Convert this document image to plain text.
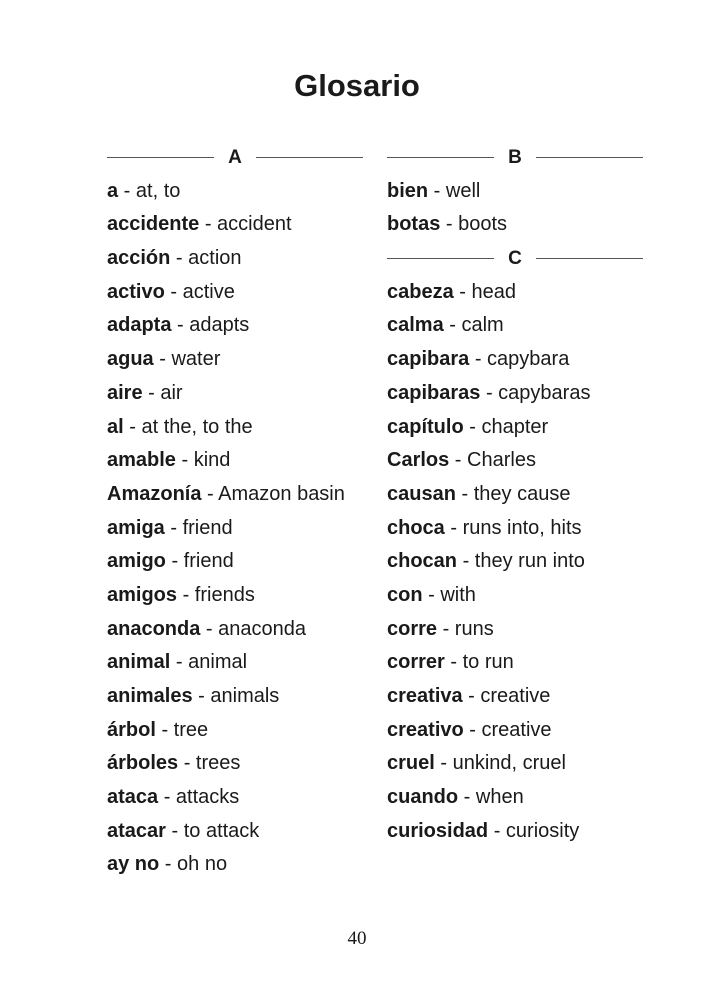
Glosario
A
a - at, to
accidente - accident
acción - action
activo - active
adapta - adapts
agua - water
aire - air
al - at the, to the
amable - kind
Amazonía - Amazon basin
amiga - friend
amigo - friend
amigos - friends
anaconda - anaconda
animal - animal
animales - animals
árbol - tree
árboles - trees
ataca - attacks
atacar - to attack
ay no - oh no
B
bien - well
botas - boots
C
cabeza - head
calma - calm
capibara - capybara
capibaras - capybaras
capítulo - chapter
Carlos - Charles
causan - they cause
choca - runs into, hits
chocan - they run into
con - with
corre - runs
correr - to run
creativa - creative
creativo - creative
cruel - unkind, cruel
cuando - when
curiosidad - curiosity
40
